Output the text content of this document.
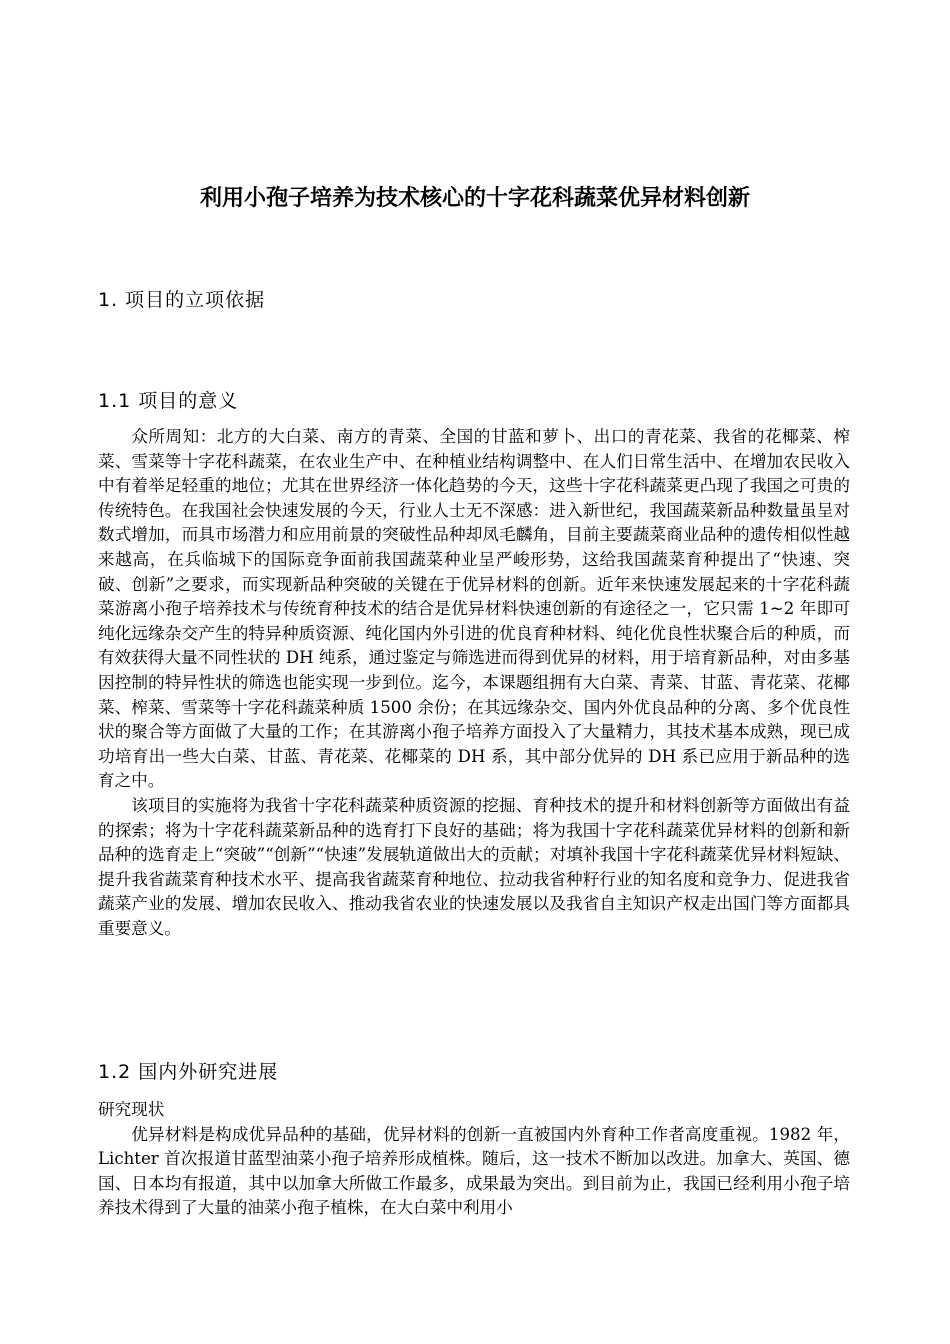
利用小孢子培养为技术核心的十字花科蔬菜优异材料创新
1. 项目的立项依据
1.1 项目的意义

众所周知：北方的大白菜、南方的青菜、全国的甘蓝和萝卜、出口的青花菜、我省的花椰菜、榨菜、雪菜等十字花科蔬菜，在农业生产中、在种植业结构调整中、在人们日常生活中、在增加农民收入中有着举足轻重的地位；尤其在世界经济一体化趋势的今天，这些十字花科蔬菜更凸现了我国之可贵的传统特色。在我国社会快速发展的今天，行业人士无不深感：进入新世纪，我国蔬菜新品种数量虽呈对数式增加，而具市场潜力和应用前景的突破性品种却凤毛麟角，目前主要蔬菜商业品种的遗传相似性越来越高，在兵临城下的国际竞争面前我国蔬菜种业呈严峻形势，这给我国蔬菜育种提出了“快速、突破、创新”之要求，而实现新品种突破的关键在于优异材料的创新。近年来快速发展起来的十字花科蔬菜游离小孢子培养技术与传统育种技术的结合是优异材料快速创新的有途径之一，它只需 1~2 年即可纯化远缘杂交产生的特异种质资源、纯化国内外引进的优良育种材料、纯化优良性状聚合后的种质，而有效获得大量不同性状的 DH 纯系，通过鉴定与筛选进而得到优异的材料，用于培育新品种，对由多基因控制的特异性状的筛选也能实现一步到位。迄今，本课题组拥有大白菜、青菜、甘蓝、青花菜、花椰菜、榨菜、雪菜等十字花科蔬菜种质 1500 余份；在其远缘杂交、国内外优良品种的分离、多个优良性状的聚合等方面做了大量的工作；在其游离小孢子培养方面投入了大量精力，其技术基本成熟，现已成功培育出一些大白菜、甘蓝、青花菜、花椰菜的 DH 系，其中部分优异的 DH 系已应用于新品种的选育之中。

该项目的实施将为我省十字花科蔬菜种质资源的挖掘、育种技术的提升和材料创新等方面做出有益的探索；将为十字花科蔬菜新品种的选育打下良好的基础；将为我国十字花科蔬菜优异材料的创新和新品种的选育走上“突破”“创新”“快速”发展轨道做出大的贡献；对填补我国十字花科蔬菜优异材料短缺、提升我省蔬菜育种技术水平、提高我省蔬菜育种地位、拉动我省种籽行业的知名度和竞争力、促进我省蔬菜产业的发展、增加农民收入、推动我省农业的快速发展以及我省自主知识产权走出国门等方面都具重要意义。

1.2 国内外研究进展

研究现状

优异材料是构成优异品种的基础，优异材料的创新一直被国内外育种工作者高度重视。1982 年，Lichter 首次报道甘蓝型油菜小孢子培养形成植株。随后，这一技术不断加以改进。加拿大、英国、德国、日本均有报道，其中以加拿大所做工作最多，成果最为突出。到目前为止，我国已经利用小孢子培养技术得到了大量的油菜小孢子植株，在大白菜中利用小
